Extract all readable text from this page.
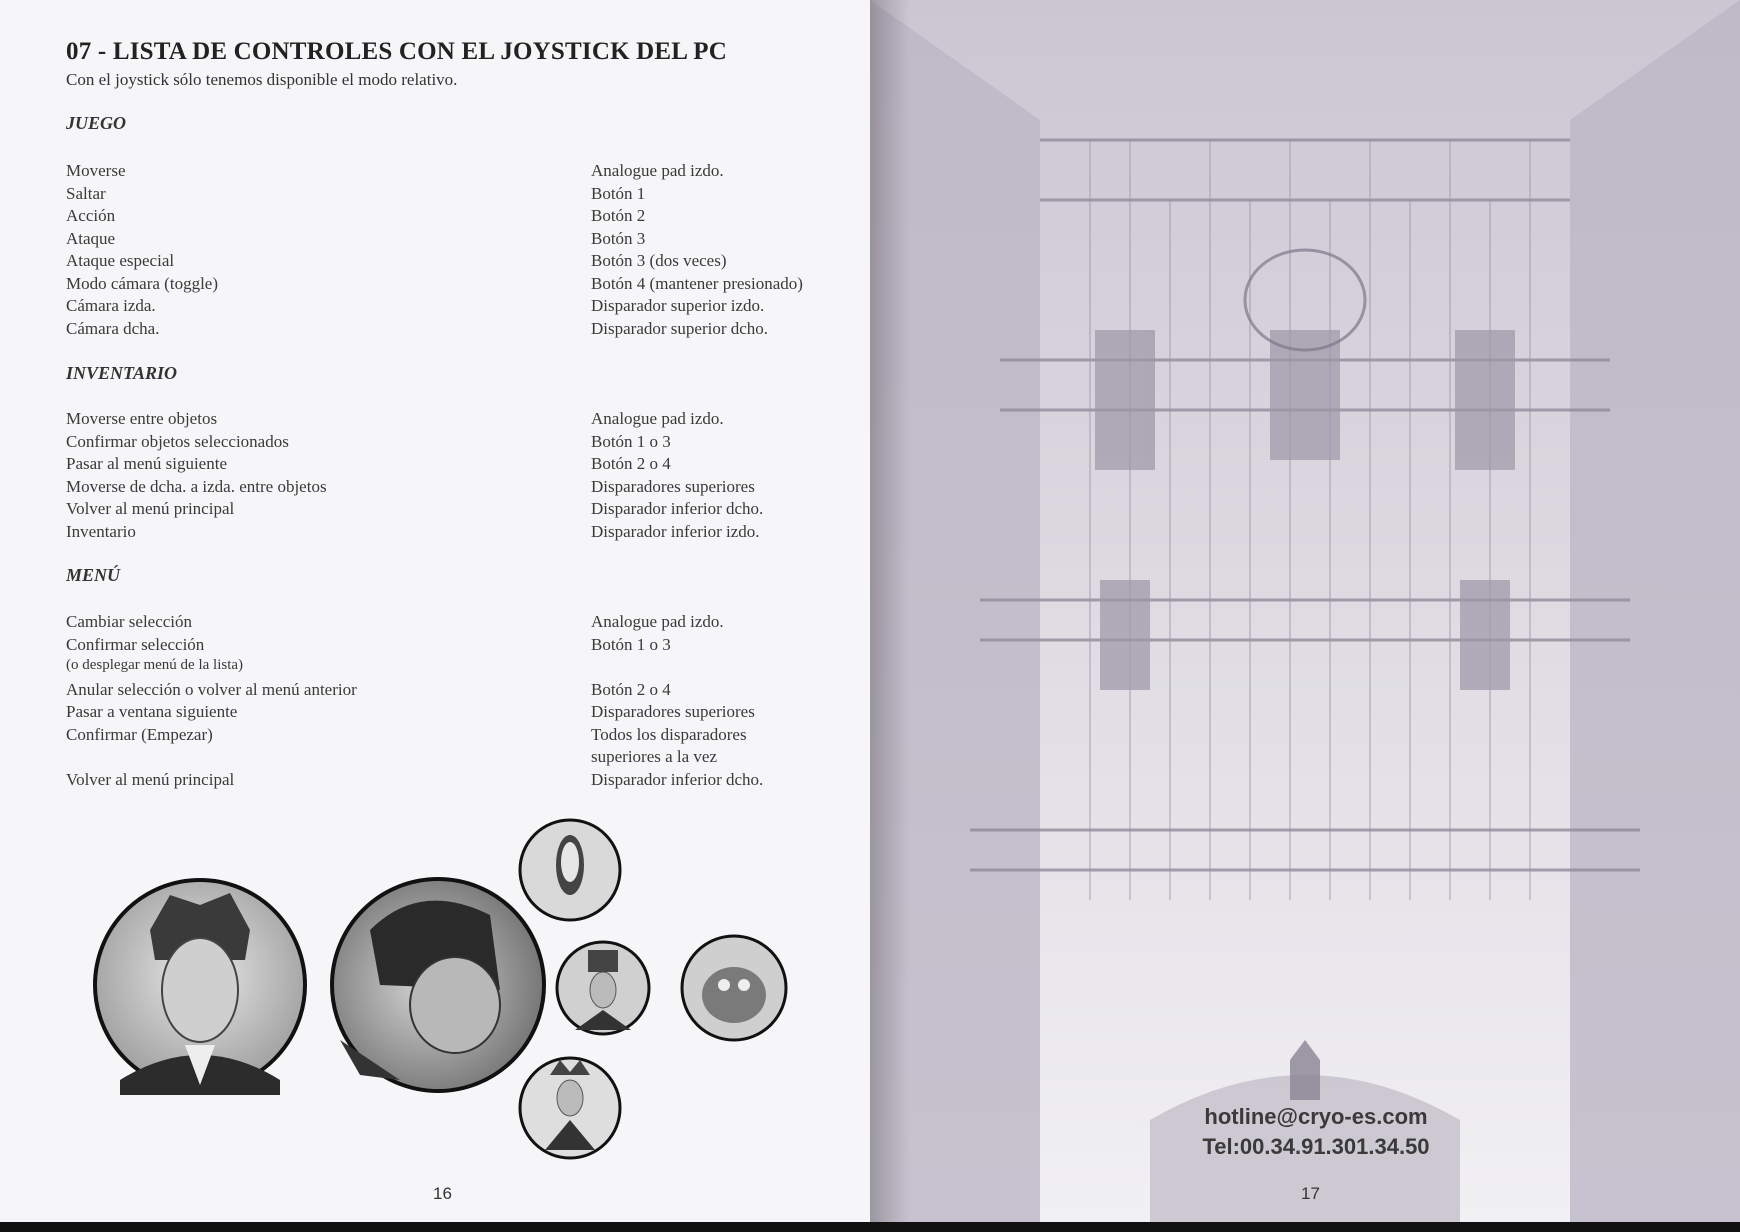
07 - LISTA DE CONTROLES CON EL JOYSTICK DEL PC
Con el joystick sólo tenemos disponible el modo relativo.
JUEGO
Moverse	Analogue pad izdo.
Saltar	Botón 1
Acción	Botón 2
Ataque	Botón 3
Ataque especial	Botón 3 (dos veces)
Modo cámara (toggle)	Botón 4 (mantener presionado)
Cámara izda.	Disparador superior izdo.
Cámara dcha.	Disparador superior dcho.
INVENTARIO
Moverse entre objetos	Analogue pad izdo.
Confirmar objetos seleccionados	Botón 1 o 3
Pasar al menú siguiente	Botón 2 o 4
Moverse de dcha. a izda. entre objetos	Disparadores superiores
Volver al menú principal	Disparador inferior dcho.
Inventario	Disparador inferior izdo.
MENÚ
Cambiar selección	Analogue pad izdo.
Confirmar selección	Botón 1 o 3
(o desplegar menú de la lista)
Anular selección o volver al menú anterior	Botón 2 o 4
Pasar a ventana siguiente	Disparadores superiores
Confirmar (Empezar)	Todos los disparadores
superiores a la vez
Volver al menú principal	Disparador inferior dcho.
16
hotline@cryo-es.com
Tel:00.34.91.301.34.50
17
